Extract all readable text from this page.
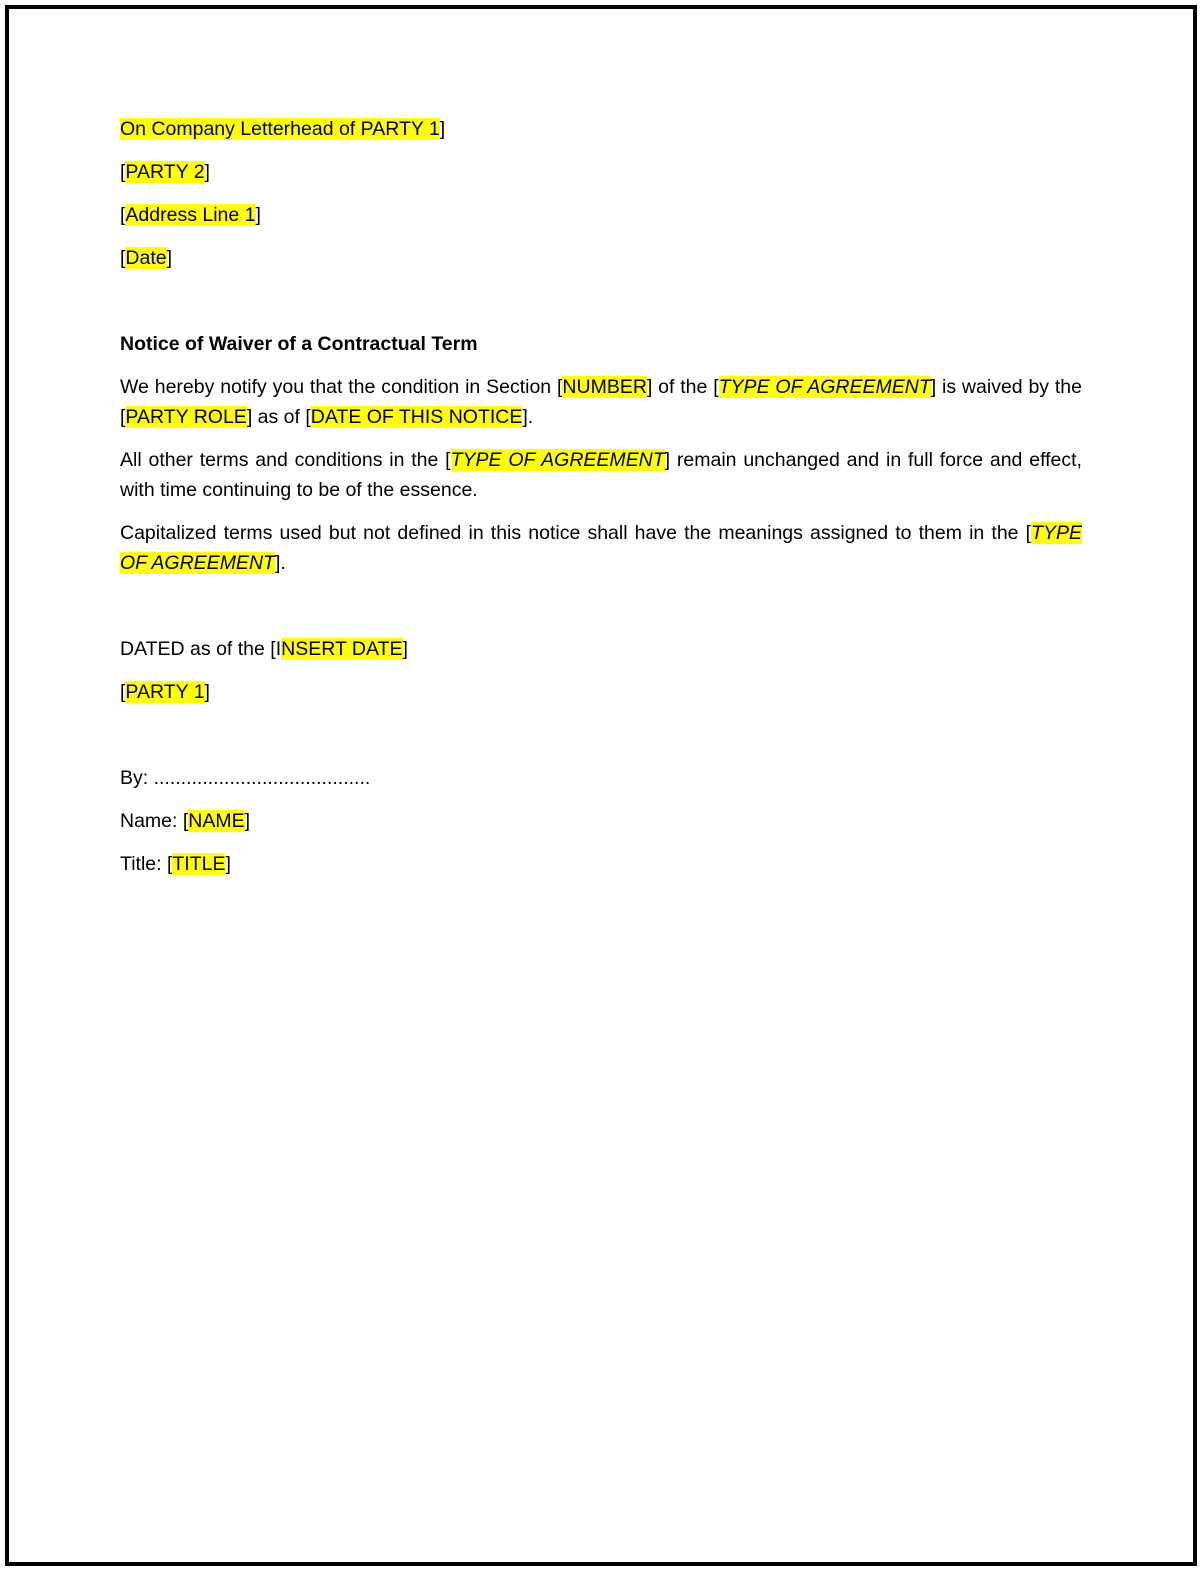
On Company Letterhead of PARTY 1]

[PARTY 2]

[Address Line 1]

[Date]

Notice of Waiver of a Contractual Term

We hereby notify you that the condition in Section [NUMBER] of the [TYPE OF AGREEMENT] is waived by the [PARTY ROLE] as of [DATE OF THIS NOTICE].

All other terms and conditions in the [TYPE OF AGREEMENT] remain unchanged and in full force and effect, with time continuing to be of the essence.

Capitalized terms used but not defined in this notice shall have the meanings assigned to them in the [TYPE OF AGREEMENT].

DATED as of the [INSERT DATE]

[PARTY 1]

By: ........................................

Name: [NAME]

Title: [TITLE]
